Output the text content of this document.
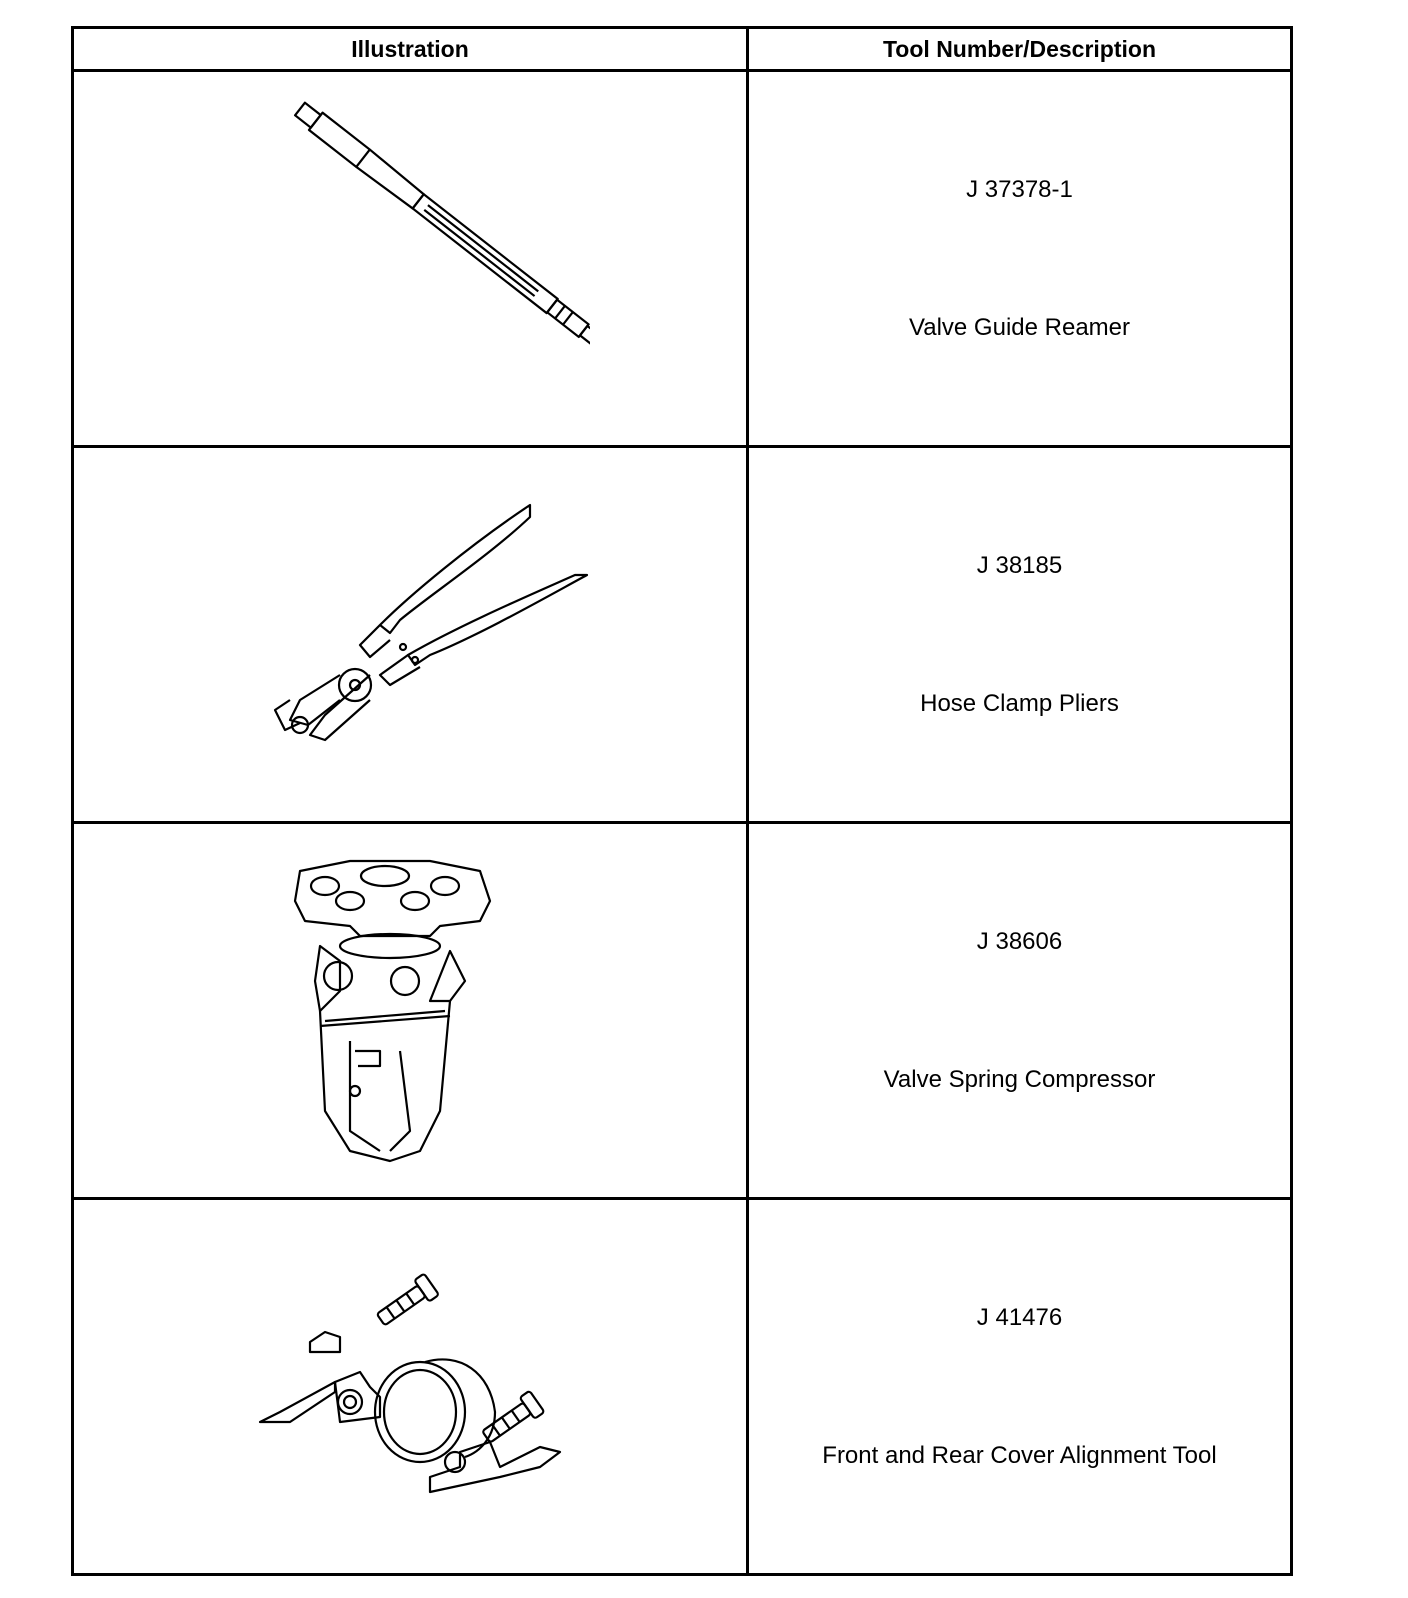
Illustration	Tool Number/Description

J 37378-1
Valve Guide Reamer

J 38185
Hose Clamp Pliers

J 38606
Valve Spring Compressor

J 41476
Front and Rear Cover Alignment Tool
